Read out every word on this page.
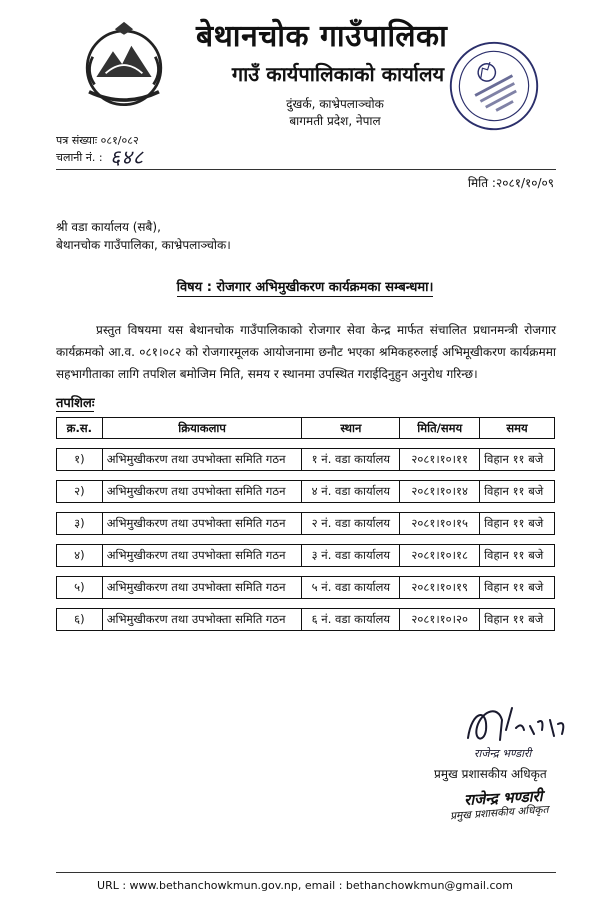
बेथानचोक गाउँपालिका
गाउँ कार्यपालिकाको कार्यालय
दुंखर्क, काभ्रेपलाञ्चोक
बागमती प्रदेश, नेपाल
पत्र संख्याः ०८१/०८२
चलानी नं. : ६४८
मिति :२०८१/१०/०९
श्री वडा कार्यालय (सबै),
बेथानचोक गाउँपालिका, काभ्रेपलाञ्चोक।
विषय : रोजगार अभिमुखीकरण कार्यक्रमका सम्बन्धमा।

प्रस्तुत विषयमा यस बेथानचोक गाउँपालिकाको रोजगार सेवा केन्द्र मार्फत संचालित प्रधानमन्त्री रोजगार कार्यक्रमको आ.व. ०८१।०८२ को रोजगारमूलक आयोजनामा छनौट भएका श्रमिकहरुलाई अभिमूखीकरण कार्यक्रममा सहभागीताका लागि तपशिल बमोजिम मिति, समय र स्थानमा उपस्थित गराईदिनुहुन अनुरोध गरिन्छ।

तपशिलः
क्र.स.	क्रियाकलाप	स्थान	मिति/समय	समय

१)	अभिमुखीकरण तथा उपभोक्ता समिति गठन	१ नं. वडा कार्यालय	२०८१।१०।११	विहान ११ बजे

२)	अभिमुखीकरण तथा उपभोक्ता समिति गठन	४ नं. वडा कार्यालय	२०८१।१०।१४	विहान ११ बजे

३)	अभिमुखीकरण तथा उपभोक्ता समिति गठन	२ नं. वडा कार्यालय	२०८१।१०।१५	विहान ११ बजे

४)	अभिमुखीकरण तथा उपभोक्ता समिति गठन	३ नं. वडा कार्यालय	२०८१।१०।१८	विहान ११ बजे

५)	अभिमुखीकरण तथा उपभोक्ता समिति गठन	५ नं. वडा कार्यालय	२०८१।१०।१९	विहान ११ बजे

६)	अभिमुखीकरण तथा उपभोक्ता समिति गठन	६ नं. वडा कार्यालय	२०८१।१०।२०	विहान ११ बजे
राजेन्द्र भण्डारी
प्रमुख प्रशासकीय अधिकृत
राजेन्द्र भण्डारी
प्रमुख प्रशासकीय अधिकृत
URL : www.bethanchowkmun.gov.np, email : bethanchowkmun@gmail.com
